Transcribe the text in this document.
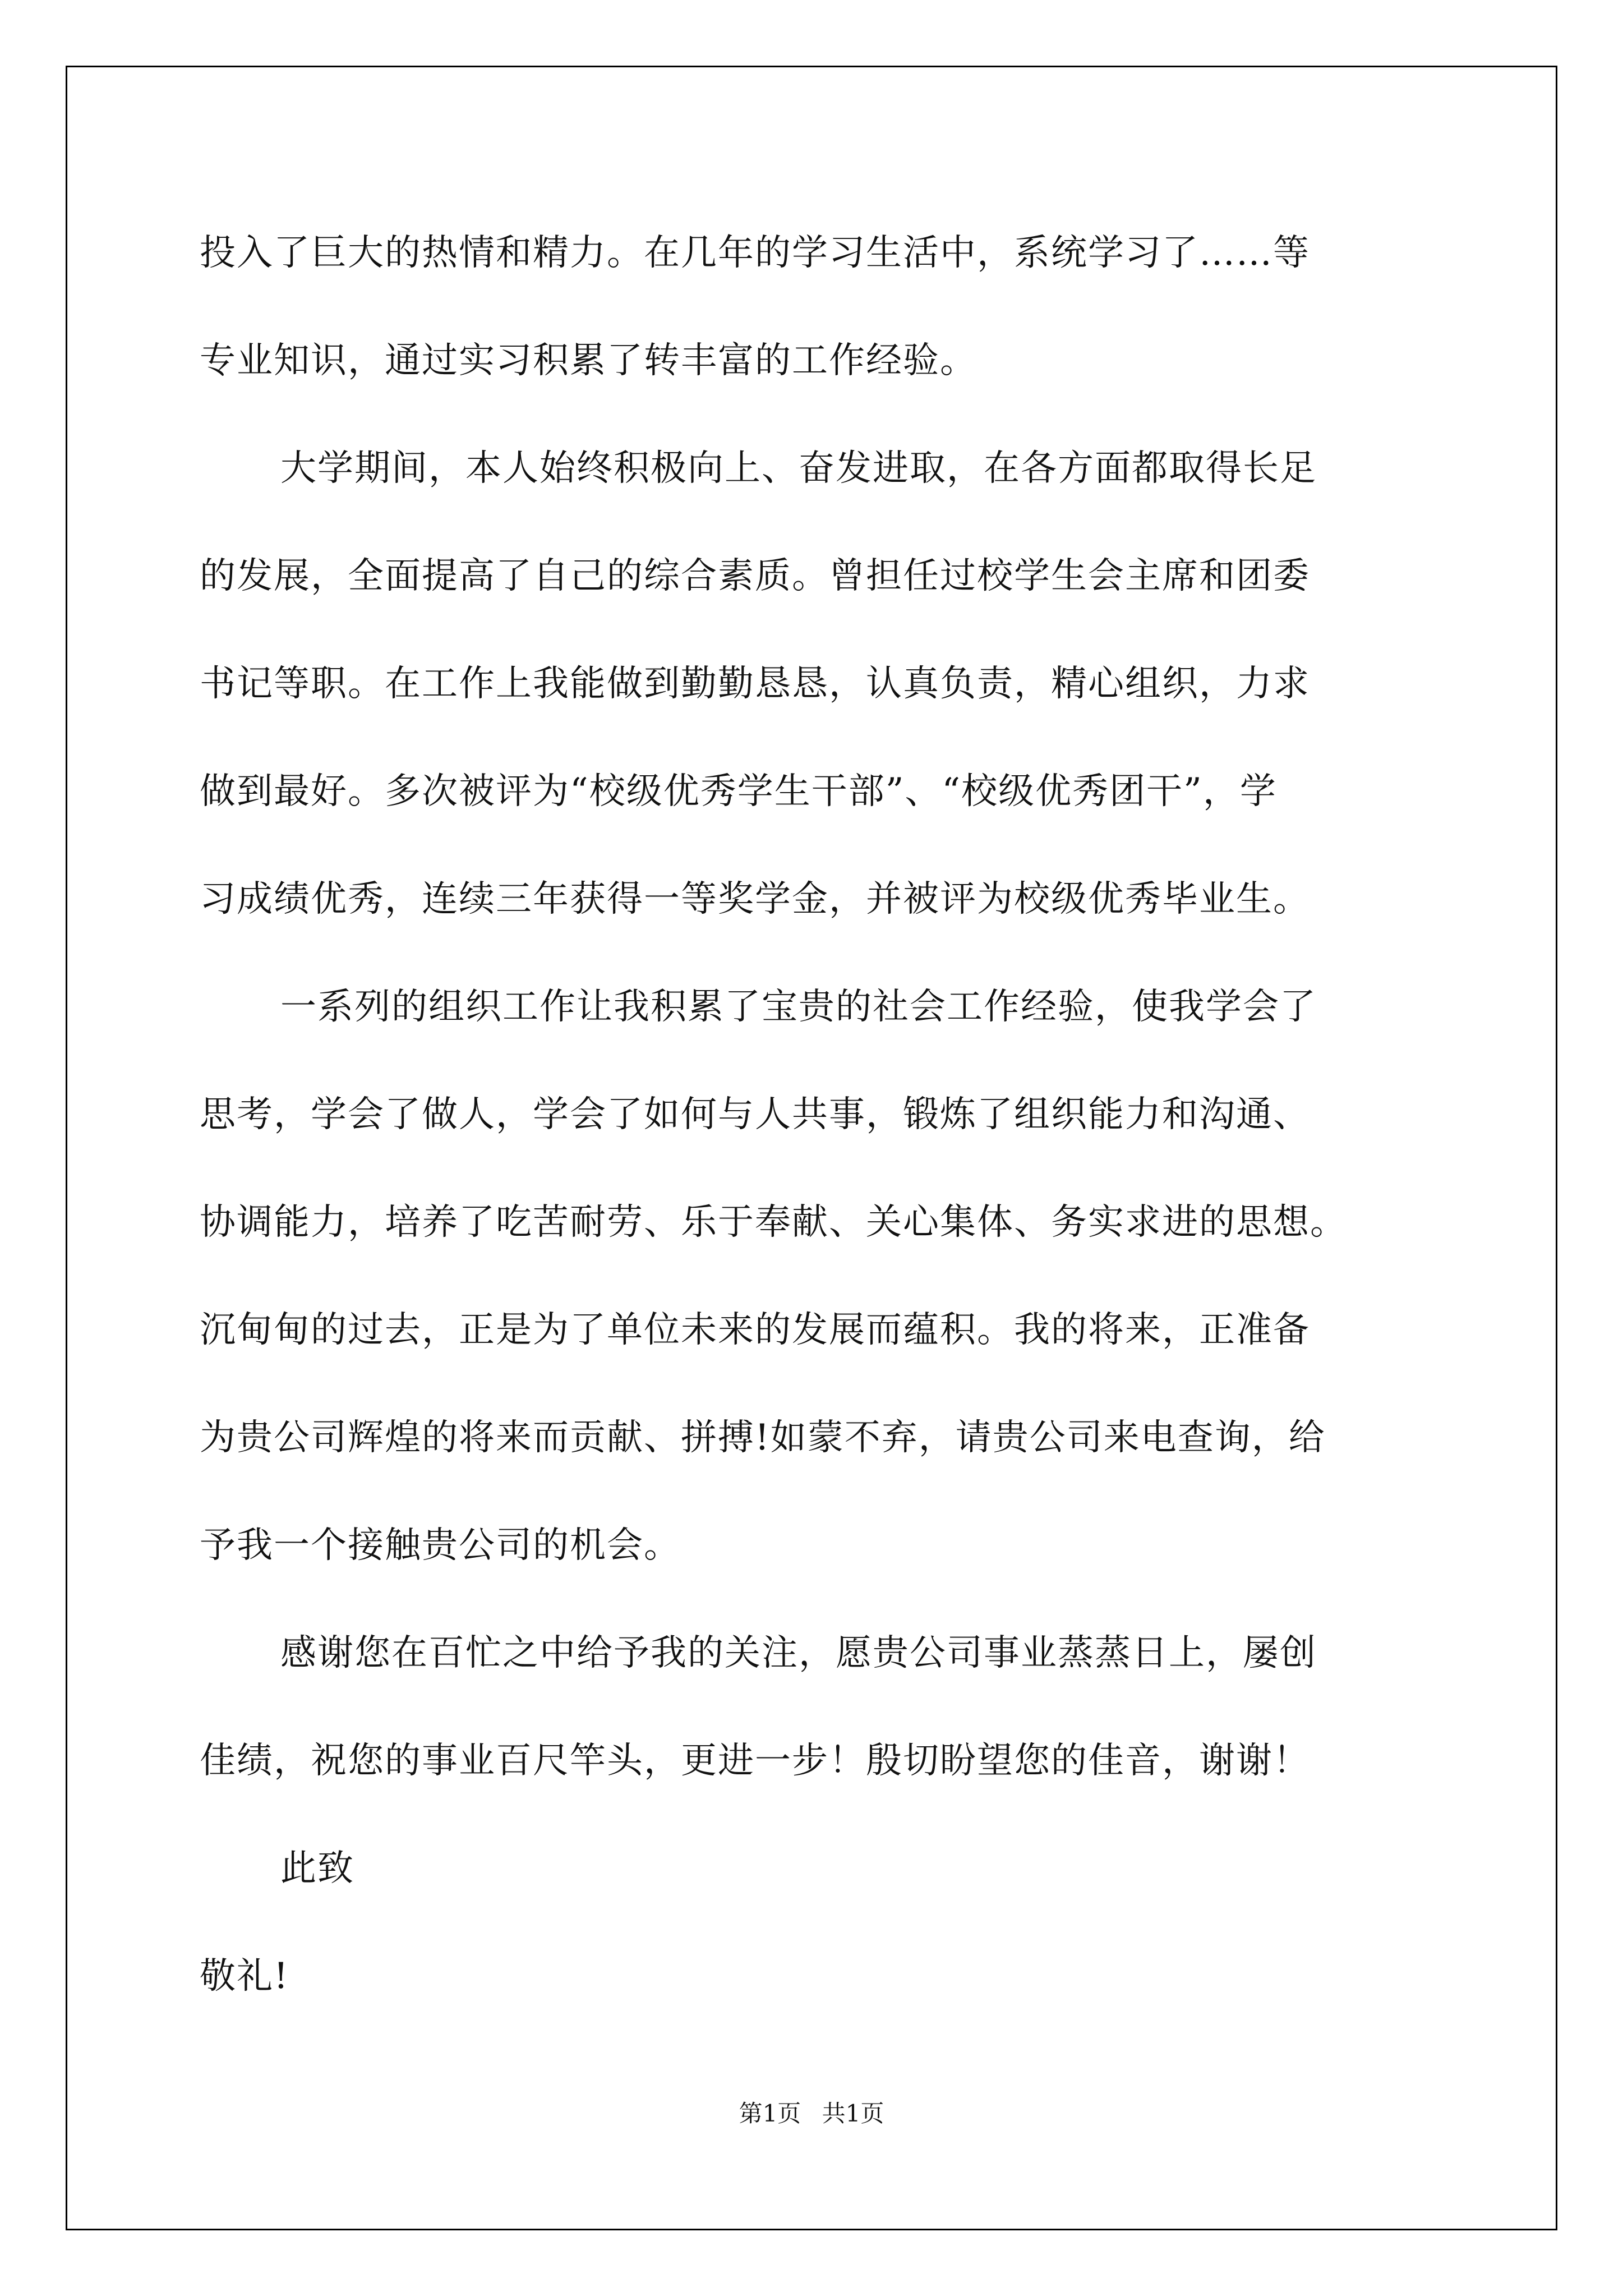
投入了巨大的热情和精力。在几年的学习生活中，系统学习了……等
专业知识，通过实习积累了转丰富的工作经验。
大学期间，本人始终积极向上、奋发进取，在各方面都取得长足
的发展，全面提高了自己的综合素质。曾担任过校学生会主席和团委
书记等职。在工作上我能做到勤勤恳恳，认真负责，精心组织，力求
做到最好。多次被评为“校级优秀学生干部”、“校级优秀团干”，学
习成绩优秀，连续三年获得一等奖学金，并被评为校级优秀毕业生。
一系列的组织工作让我积累了宝贵的社会工作经验，使我学会了
思考，学会了做人，学会了如何与人共事，锻炼了组织能力和沟通、
协调能力，培养了吃苦耐劳、乐于奉献、关心集体、务实求进的思想。
沉甸甸的过去，正是为了单位未来的发展而蕴积。我的将来，正准备
为贵公司辉煌的将来而贡献、拼搏!如蒙不弃，请贵公司来电查询，给
予我一个接触贵公司的机会。
感谢您在百忙之中给予我的关注，愿贵公司事业蒸蒸日上，屡创
佳绩，祝您的事业百尺竿头，更进一步！殷切盼望您的佳音，谢谢！
此致
敬礼!
第1页 共1页
